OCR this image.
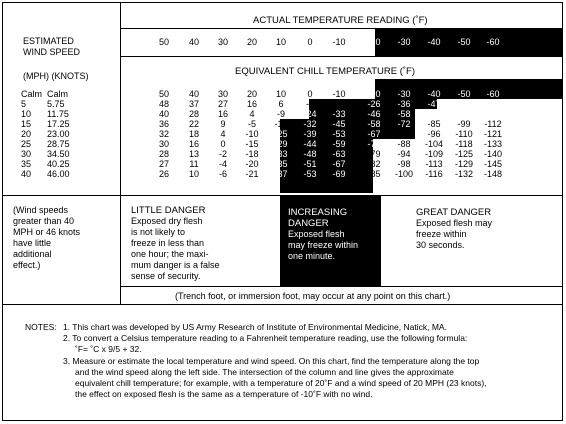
ESTIMATED
WIND SPEED
(MPH) (KNOTS)
ACTUAL TEMPERATURE READING (˚F)
EQUIVALENT CHILL TEMPERATURE (˚F)
50	40	30	20	10	0	-10	-20	-30	-40	-50	-60
Calm Calm	50	40	30	20	10	0	-10	-20	-30	-40	-50	-60
5 5.75	48	37	27	16	6	-5	-15	-26	-36	-47	-57	-68
10 11.75	40	28	16	4	-9	-24	-33	-46	-58	-70	-83	-95
15 17.25	36	22	9	-5	-18	-32	-45	-58	-72	-85	-99	-112
20 23.00	32	18	4	-10	-25	-39	-53	-67	-82	-96	-110	-121
25 28.75	30	16	0	-15	-29	-44	-59	-74	-88	-104	-118	-133
30 34.50	28	13	-2	-18	-33	-48	-63	-79	-94	-109	-125	-140
35 40.25	27	11	-4	-20	-35	-51	-67	-82	-98	-113	-129	-145
40 46.00	26	10	-6	-21	-37	-53	-69	-85	-100	-116	-132	-148
(Wind speeds
greater than 40
MPH or 46 knots
have little
additional
effect.)
LITTLE DANGER
Exposed dry flesh
is not likely to
freeze in less than
one hour; the maxi-
mum danger is a false
sense of security.
INCREASING
DANGER
Exposed flesh
may freeze within
one minute.
GREAT DANGER
Exposed flesh may
freeze within
30 seconds.
(Trench foot, or immersion foot, may occur at any point on this chart.)
NOTES: 1. This chart was developed by US Army Research of Institute of Environmental Medicine, Natick, MA.
2. To convert a Celsius temperature reading to a Fahrenheit temperature reading, use the following formula:
˚F= ˚C x 9/5 + 32.
3. Measure or estimate the local temperature and wind speed. On this chart, find the temperature along the top
and the wind speed along the left side. The intersection of the column and line gives the approximate
equivalent chill temperature; for example, with a temperature of 20˚F and a wind speed of 20 MPH (23 knots),
the effect on exposed flesh is the same as a temperature of -10˚F with no wind.
